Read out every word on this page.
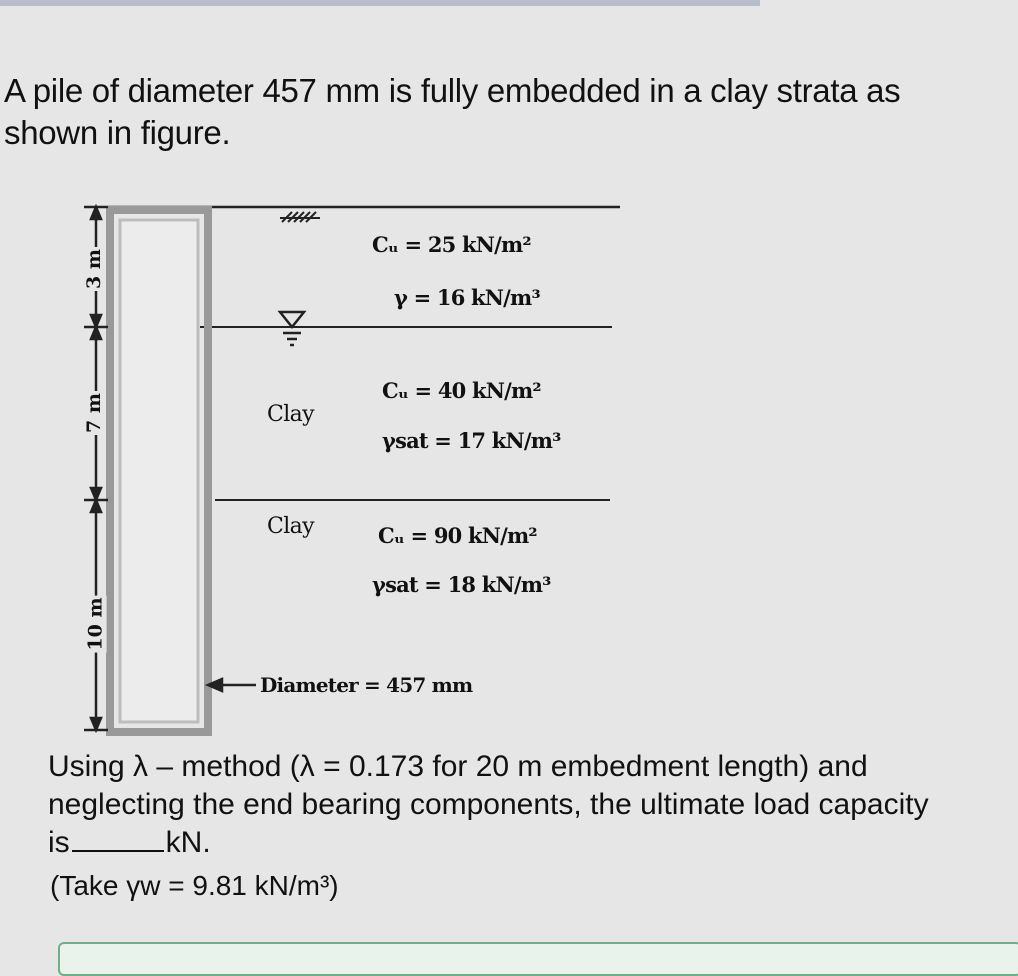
A pile of diameter 457 mm is fully embedded in a clay strata as
shown in figure.
3 m
7 m
10 m
Cᵤ = 25 kN/m²
γ = 16 kN/m³
Clay
Cᵤ = 40 kN/m²
γsat = 17 kN/m³
Clay	Cᵤ = 90 kN/m²
γsat = 18 kN/m³
Diameter = 457 mm
Using λ – method (λ = 0.173 for 20 m embedment length) and
neglecting the end bearing components, the ultimate load capacity
is	kN.
(Take γw = 9.81 kN/m³)
